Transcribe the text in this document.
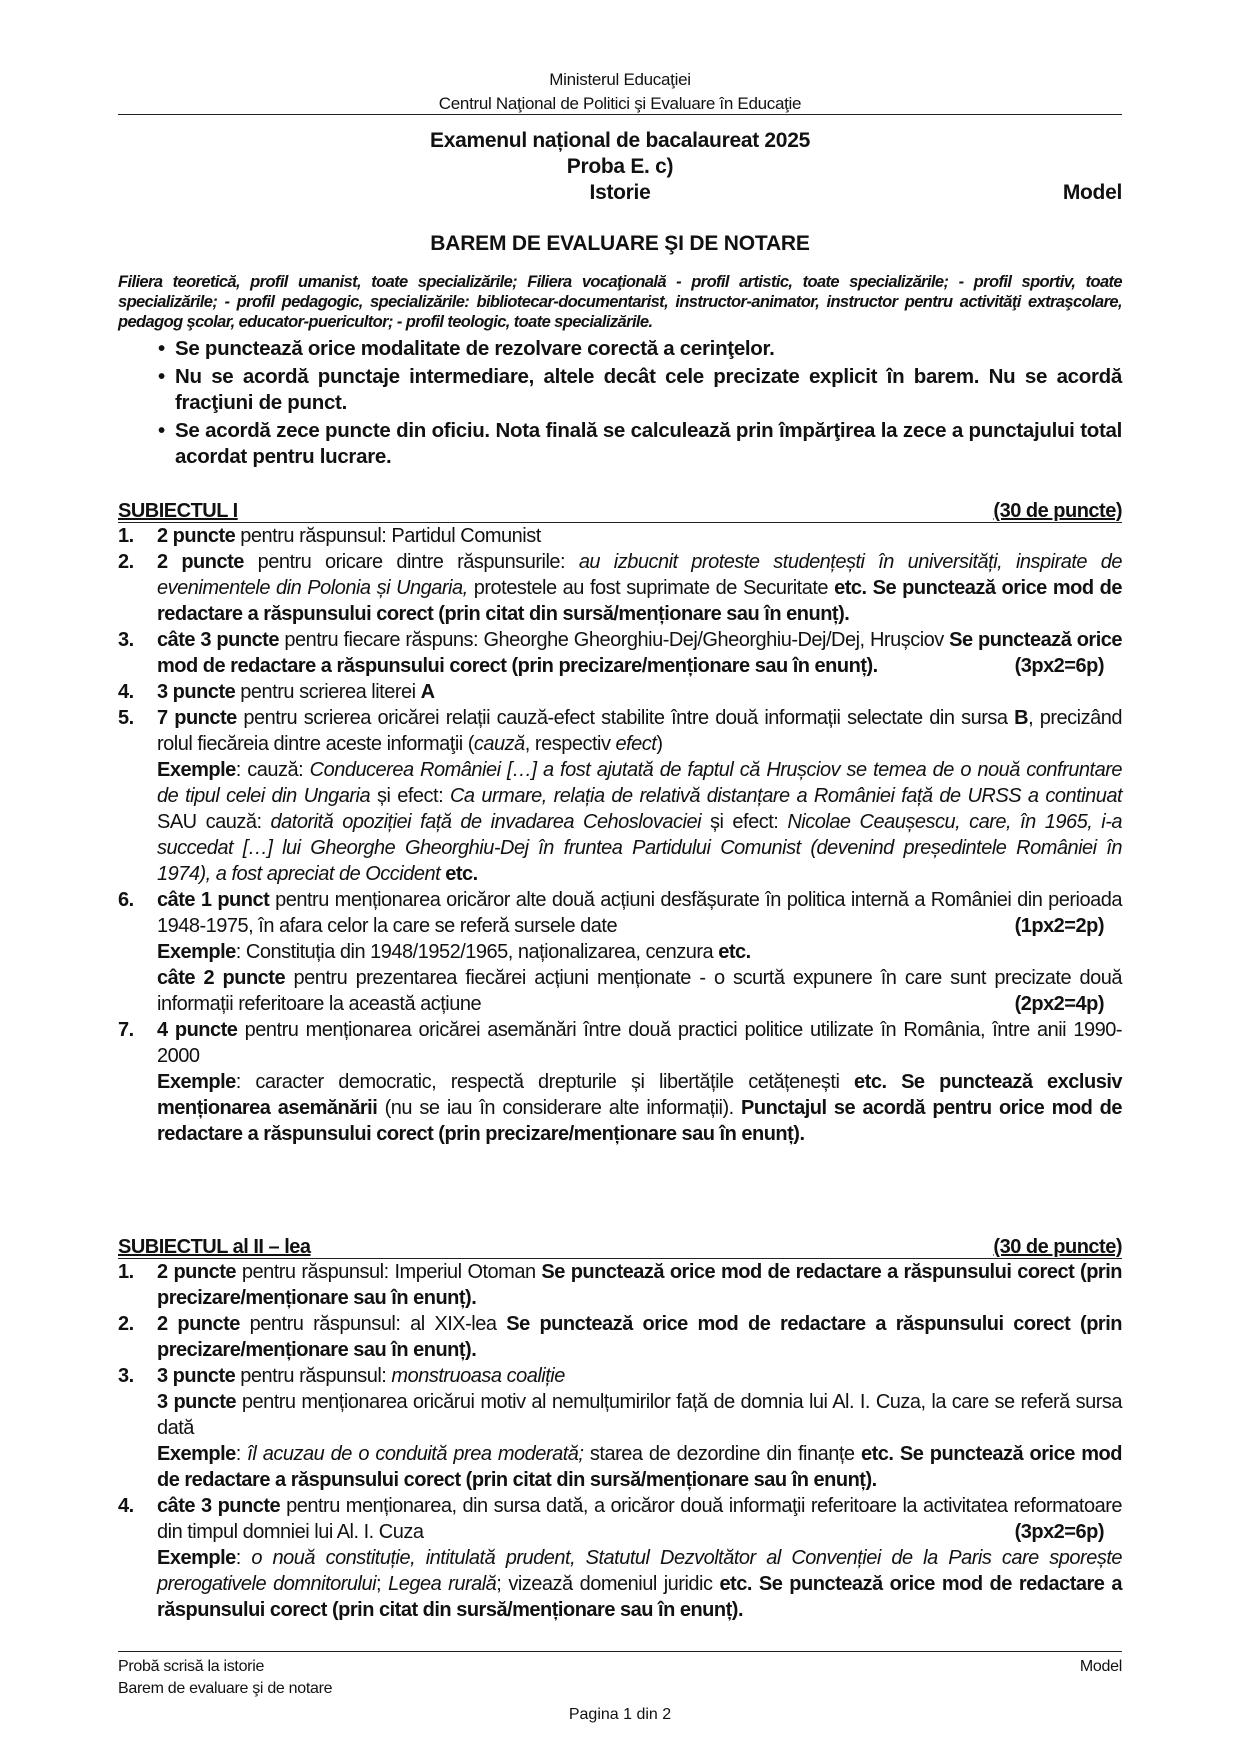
Ministerul Educaţiei
Centrul Naţional de Politici şi Evaluare în Educaţie
Examenul național de bacalaureat 2025
Proba E. c)
Istorie	Model
BAREM DE EVALUARE ŞI DE NOTARE
Filiera teoretică, profil umanist, toate specializările; Filiera vocaţională - profil artistic, toate specializările; - profil sportiv, toate specializările; - profil pedagogic, specializările: bibliotecar-documentarist, instructor-animator, instructor pentru activităţi extraşcolare, pedagog şcolar, educator-puericultor; - profil teologic, toate specializările.
• Se punctează orice modalitate de rezolvare corectă a cerinţelor.
• Nu se acordă punctaje intermediare, altele decât cele precizate explicit în barem. Nu se acordă fracţiuni de punct.
• Se acordă zece puncte din oficiu. Nota finală se calculează prin împărţirea la zece a punctajului total acordat pentru lucrare.
SUBIECTUL I	(30 de puncte)
1. 2 puncte pentru răspunsul: Partidul Comunist
2. 2 puncte pentru oricare dintre răspunsurile: au izbucnit proteste studențești în universități, inspirate de evenimentele din Polonia și Ungaria, protestele au fost suprimate de Securitate etc. Se punctează orice mod de redactare a răspunsului corect (prin citat din sursă/menționare sau în enunț).
3. câte 3 puncte pentru fiecare răspuns: Gheorghe Gheorghiu-Dej/Gheorghiu-Dej/Dej, Hrușciov Se punctează orice mod de redactare a răspunsului corect (prin precizare/menționare sau în enunț).	(3px2=6p)
4. 3 puncte pentru scrierea literei A
5. 7 puncte pentru scrierea oricărei relații cauză-efect stabilite între două informații selectate din sursa B, precizând rolul fiecăreia dintre aceste informaţii (cauză, respectiv efect)
Exemple: cauză: Conducerea României […] a fost ajutată de faptul că Hrușciov se temea de o nouă confruntare de tipul celei din Ungaria și efect: Ca urmare, relația de relativă distanțare a României față de URSS a continuat SAU cauză: datorită opoziției față de invadarea Cehoslovaciei și efect: Nicolae Ceaușescu, care, în 1965, i-a succedat […] lui Gheorghe Gheorghiu-Dej în fruntea Partidului Comunist (devenind președintele României în 1974), a fost apreciat de Occident etc.
6. câte 1 punct pentru menționarea oricăror alte două acțiuni desfășurate în politica internă a României din perioada 1948-1975, în afara celor la care se referă sursele date	(1px2=2p)

Exemple: Constituția din 1948/1952/1965, naționalizarea, cenzura etc.
câte 2 puncte pentru prezentarea fiecărei acțiuni menționate - o scurtă expunere în care sunt precizate două informații referitoare la această acțiune	(2px2=4p)
7. 4 puncte pentru menționarea oricărei asemănări între două practici politice utilizate în România, între anii 1990-2000
Exemple: caracter democratic, respectă drepturile și libertățile cetățenești etc. Se punctează exclusiv menționarea asemănării (nu se iau în considerare alte informații). Punctajul se acordă pentru orice mod de redactare a răspunsului corect (prin precizare/menționare sau în enunț).
SUBIECTUL al II – lea	(30 de puncte)
1. 2 puncte pentru răspunsul: Imperiul Otoman Se punctează orice mod de redactare a răspunsului corect (prin precizare/menționare sau în enunț).
2. 2 puncte pentru răspunsul: al XIX-lea Se punctează orice mod de redactare a răspunsului corect (prin precizare/menționare sau în enunț).
3. 3 puncte pentru răspunsul: monstruoasa coaliție
3 puncte pentru menționarea oricărui motiv al nemulțumirilor față de domnia lui Al. I. Cuza, la care se referă sursa dată
Exemple: îl acuzau de o conduită prea moderată; starea de dezordine din finanțe etc. Se punctează orice mod de redactare a răspunsului corect (prin citat din sursă/menționare sau în enunț).
4. câte 3 puncte pentru menționarea, din sursa dată, a oricăror două informaţii referitoare la activitatea reformatoare din timpul domniei lui Al. I. Cuza	(3px2=6p)

Exemple: o nouă constituție, intitulată prudent, Statutul Dezvoltător al Convenției de la Paris care sporește prerogativele domnitorului; Legea rurală; vizează domeniul juridic etc. Se punctează orice mod de redactare a răspunsului corect (prin citat din sursă/menționare sau în enunț).
Probă scrisă la istorie
Barem de evaluare şi de notare
Model
Pagina 1 din 2
